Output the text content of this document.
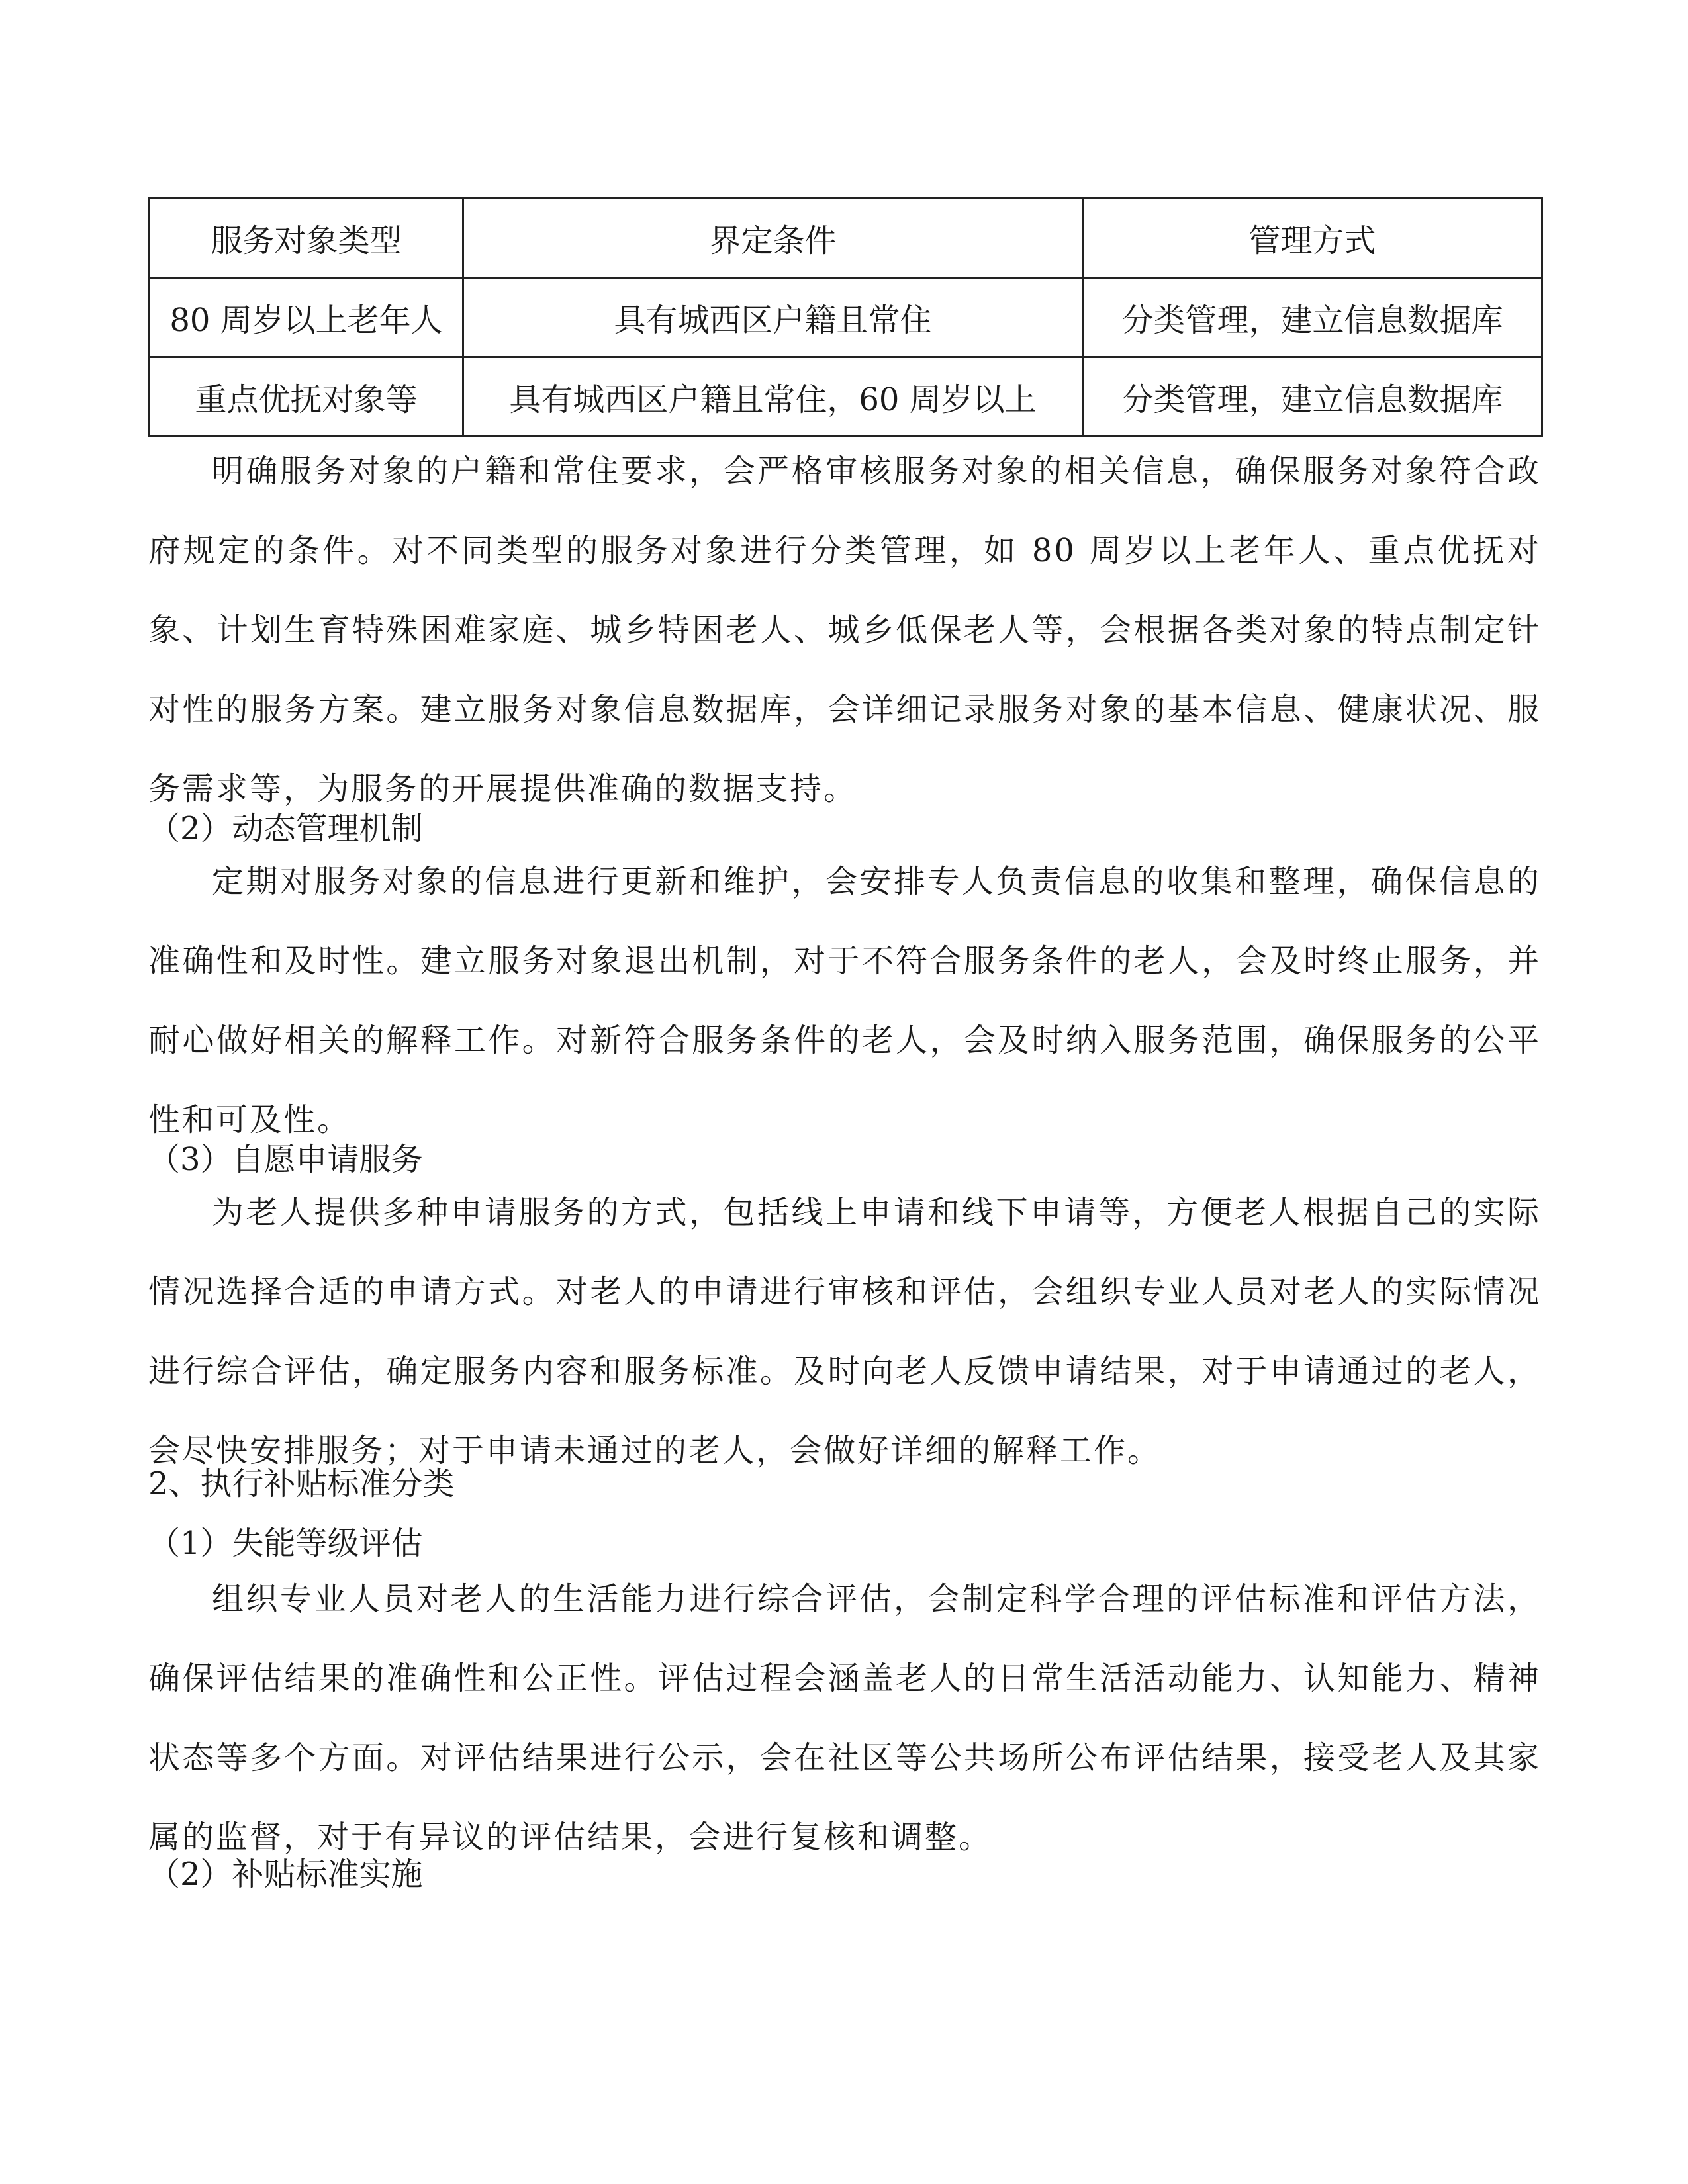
服务对象类型	界定条件	管理方式
80 周岁以上老年人	具有城西区户籍且常住	分类管理，建立信息数据库
重点优抚对象等	具有城西区户籍且常住，60 周岁以上	分类管理，建立信息数据库
明确服务对象的户籍和常住要求，会严格审核服务对象的相关信息，确保服务对象符合政府规定的条件。对不同类型的服务对象进行分类管理，如 80 周岁以上老年人、重点优抚对象、计划生育特殊困难家庭、城乡特困老人、城乡低保老人等，会根据各类对象的特点制定针对性的服务方案。建立服务对象信息数据库，会详细记录服务对象的基本信息、健康状况、服务需求等，为服务的开展提供准确的数据支持。
（2）动态管理机制
定期对服务对象的信息进行更新和维护，会安排专人负责信息的收集和整理，确保信息的准确性和及时性。建立服务对象退出机制，对于不符合服务条件的老人，会及时终止服务，并耐心做好相关的解释工作。对新符合服务条件的老人，会及时纳入服务范围，确保服务的公平性和可及性。
（3）自愿申请服务
为老人提供多种申请服务的方式，包括线上申请和线下申请等，方便老人根据自己的实际情况选择合适的申请方式。对老人的申请进行审核和评估，会组织专业人员对老人的实际情况进行综合评估，确定服务内容和服务标准。及时向老人反馈申请结果，对于申请通过的老人，会尽快安排服务；对于申请未通过的老人，会做好详细的解释工作。
2、执行补贴标准分类
（1）失能等级评估
组织专业人员对老人的生活能力进行综合评估，会制定科学合理的评估标准和评估方法，确保评估结果的准确性和公正性。评估过程会涵盖老人的日常生活活动能力、认知能力、精神状态等多个方面。对评估结果进行公示，会在社区等公共场所公布评估结果，接受老人及其家属的监督，对于有异议的评估结果，会进行复核和调整。
（2）补贴标准实施
